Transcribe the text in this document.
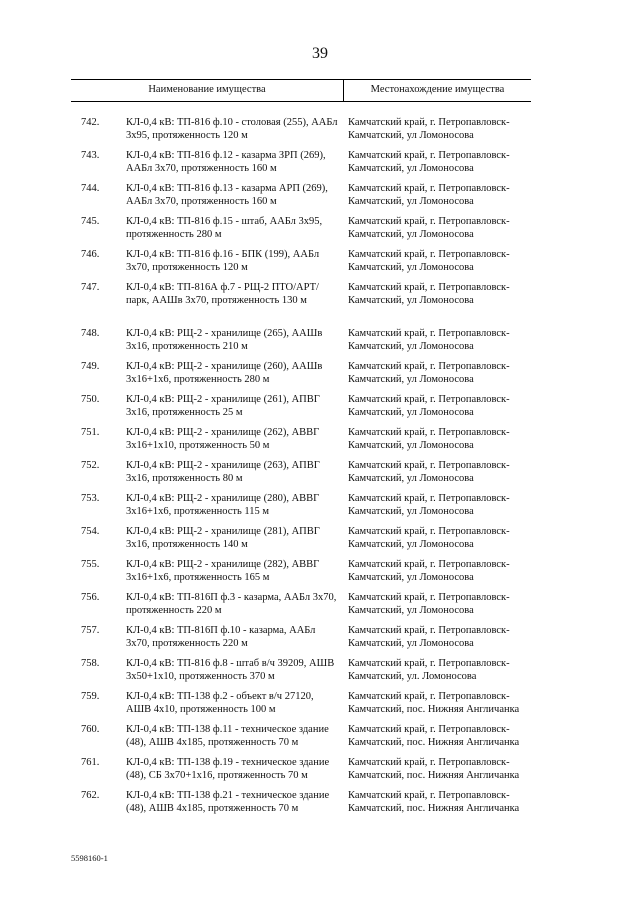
39
Наименование имущества	Местонахождение имущества
742.	КЛ-0,4 кВ: ТП-816 ф.10 - столовая (255), ААБл 3х95, протяженность 120 м
Камчатский край, г. Петропавловск-Камчатский, ул Ломоносова
743.	КЛ-0,4 кВ: ТП-816 ф.12 - казарма ЗРП (269), ААБл 3х70, протяженность 160 м
Камчатский край, г. Петропавловск-Камчатский, ул Ломоносова
744.	КЛ-0,4 кВ: ТП-816 ф.13 - казарма АРП (269), ААБл 3х70, протяженность 160 м
Камчатский край, г. Петропавловск-Камчатский, ул Ломоносова
745.	КЛ-0,4 кВ: ТП-816 ф.15 - штаб, ААБл 3х95, протяженность 280 м
Камчатский край, г. Петропавловск-Камчатский, ул Ломоносова
746.	КЛ-0,4 кВ: ТП-816 ф.16 - БПК (199), ААБл 3х70, протяженность 120 м
Камчатский край, г. Петропавловск-Камчатский, ул Ломоносова
747.	КЛ-0,4 кВ: ТП-816А ф.7 - РЩ-2 ПТО/АРТ/парк, ААШв 3х70, протяженность 130 м
Камчатский край, г. Петропавловск-Камчатский, ул Ломоносова
748.	КЛ-0,4 кВ: РЩ-2 - хранилище (265), ААШв 3х16, протяженность 210 м
Камчатский край, г. Петропавловск-Камчатский, ул Ломоносова
749.	КЛ-0,4 кВ: РЩ-2 - хранилище (260), ААШв 3х16+1х6, протяженность 280 м
Камчатский край, г. Петропавловск-Камчатский, ул Ломоносова
750.	КЛ-0,4 кВ: РЩ-2 - хранилище (261), АПВГ 3х16, протяженность 25 м
Камчатский край, г. Петропавловск-Камчатский, ул Ломоносова
751.	КЛ-0,4 кВ: РЩ-2 - хранилище (262), АВВГ 3х16+1х10, протяженность 50 м
Камчатский край, г. Петропавловск-Камчатский, ул Ломоносова
752.	КЛ-0,4 кВ: РЩ-2 - хранилище (263), АПВГ 3х16, протяженность 80 м
Камчатский край, г. Петропавловск-Камчатский, ул Ломоносова
753.	КЛ-0,4 кВ: РЩ-2 - хранилище (280), АВВГ 3х16+1х6, протяженность 115 м
Камчатский край, г. Петропавловск-Камчатский, ул Ломоносова
754.	КЛ-0,4 кВ: РЩ-2 - хранилище (281), АПВГ 3х16, протяженность 140 м
Камчатский край, г. Петропавловск-Камчатский, ул Ломоносова
755.	КЛ-0,4 кВ: РЩ-2 - хранилище (282), АВВГ 3х16+1х6, протяженность 165 м
Камчатский край, г. Петропавловск-Камчатский, ул Ломоносова
756.	КЛ-0,4 кВ: ТП-816П ф.3 - казарма, ААБл 3х70, протяженность 220 м
Камчатский край, г. Петропавловск-Камчатский, ул Ломоносова
757.	КЛ-0,4 кВ: ТП-816П ф.10 - казарма, ААБл 3х70, протяженность 220 м
Камчатский край, г. Петропавловск-Камчатский, ул Ломоносова
758.	КЛ-0,4 кВ: ТП-816 ф.8 - штаб в/ч 39209, АШВ 3х50+1х10, протяженность 370 м
Камчатский край, г. Петропавловск-Камчатский, ул. Ломоносова
759.	КЛ-0,4 кВ: ТП-138 ф.2 - объект в/ч 27120, АШВ 4х10, протяженность 100 м
Камчатский край, г. Петропавловск-Камчатский, пос. Нижняя Англичанка
760.	КЛ-0,4 кВ: ТП-138 ф.11 - техническое здание (48), АШВ 4х185, протяженность 70 м
Камчатский край, г. Петропавловск-Камчатский, пос. Нижняя Англичанка
761.	КЛ-0,4 кВ: ТП-138 ф.19 - техническое здание (48), СБ 3х70+1х16, протяженность 70 м
Камчатский край, г. Петропавловск-Камчатский, пос. Нижняя Англичанка
762.	КЛ-0,4 кВ: ТП-138 ф.21 - техническое здание (48), АШВ 4х185, протяженность 70 м
Камчатский край, г. Петропавловск-Камчатский, пос. Нижняя Англичанка
5598160-1
